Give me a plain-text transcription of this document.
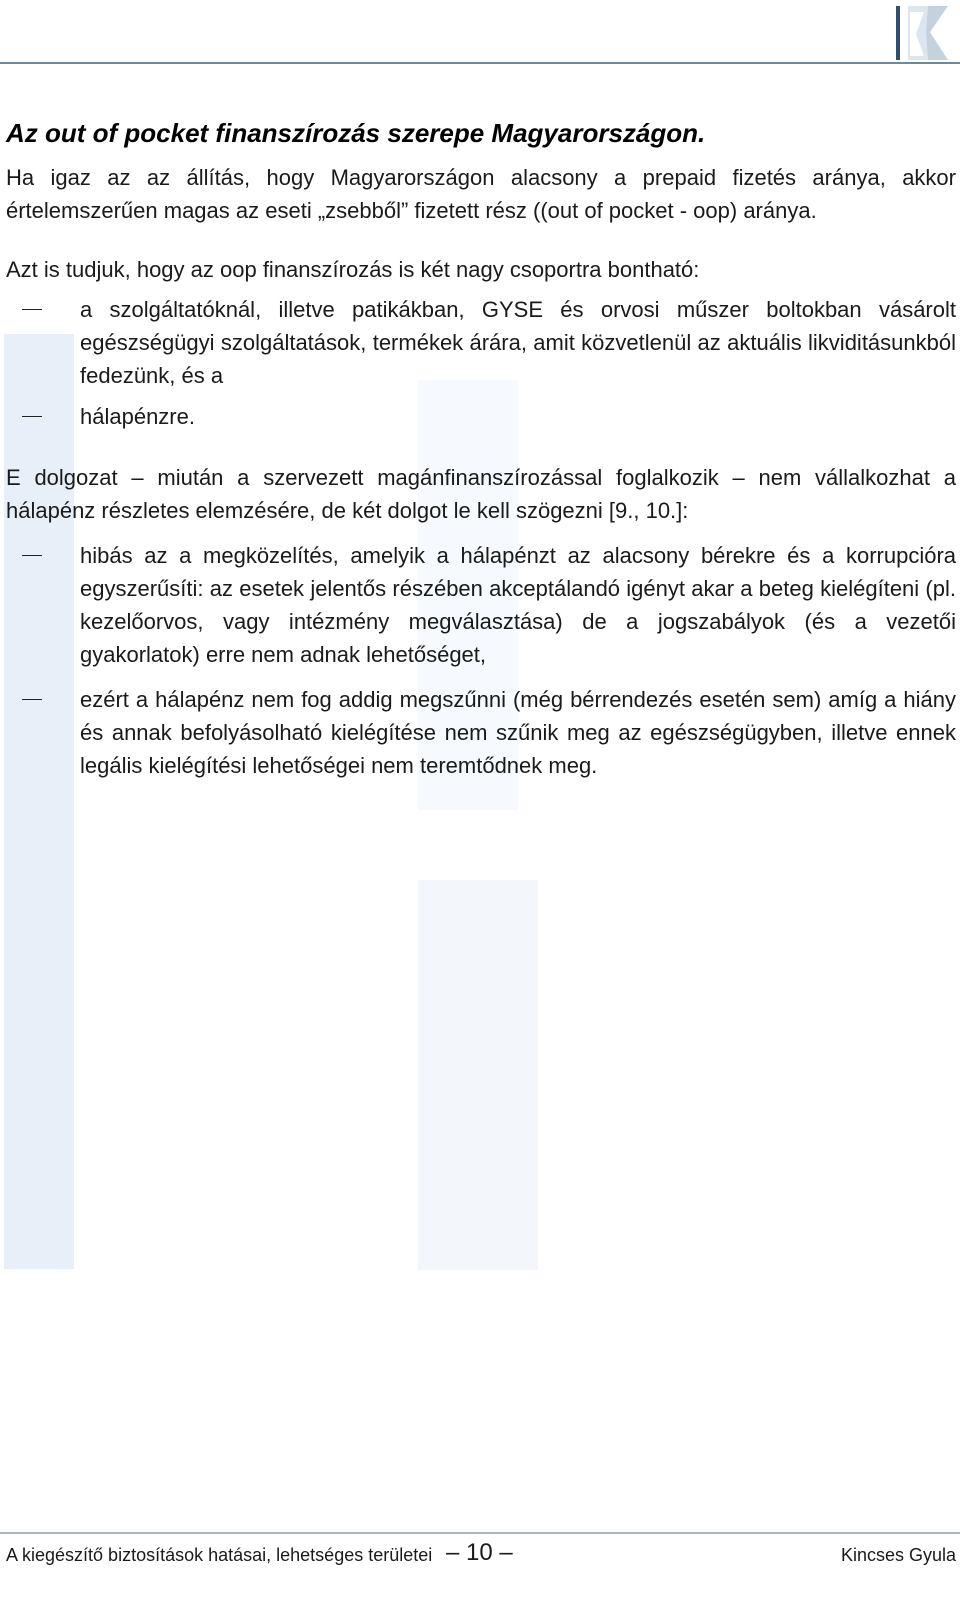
Az out of pocket finanszírozás szerepe Magyarországon.

Ha igaz az az állítás, hogy Magyarországon alacsony a prepaid fizetés aránya, akkor értelemszerűen magas az eseti „zsebből” fizetett rész ((out of pocket - oop) aránya.

Azt is tudjuk, hogy az oop finanszírozás is két nagy csoportra bontható:

a szolgáltatóknál, illetve patikákban, GYSE és orvosi műszer boltokban vásárolt egészségügyi szolgáltatások, termékek árára, amit közvetlenül az aktuális likviditásunkból fedezünk, és a
hálapénzre.

E dolgozat – miután a szervezett magánfinanszírozással foglalkozik – nem vállalkozhat a hálapénz részletes elemzésére, de két dolgot le kell szögezni [9., 10.]:

hibás az a megközelítés, amelyik a hálapénzt az alacsony bérekre és a korrupcióra egyszerűsíti: az esetek jelentős részében akceptálandó igényt akar a beteg kielégíteni (pl. kezelőorvos, vagy intézmény megválasztása) de a jogszabályok (és a vezetői gyakorlatok) erre nem adnak lehetőséget,
ezért a hálapénz nem fog addig megszűnni (még bérrendezés esetén sem) amíg a hiány és annak befolyásolható kielégítése nem szűnik meg az egészségügyben, illetve ennek legális kielégítési lehetőségei nem teremtődnek meg.
A kiegészítő biztosítások hatásai, lehetséges területei – 10 –	Kincses Gyula
